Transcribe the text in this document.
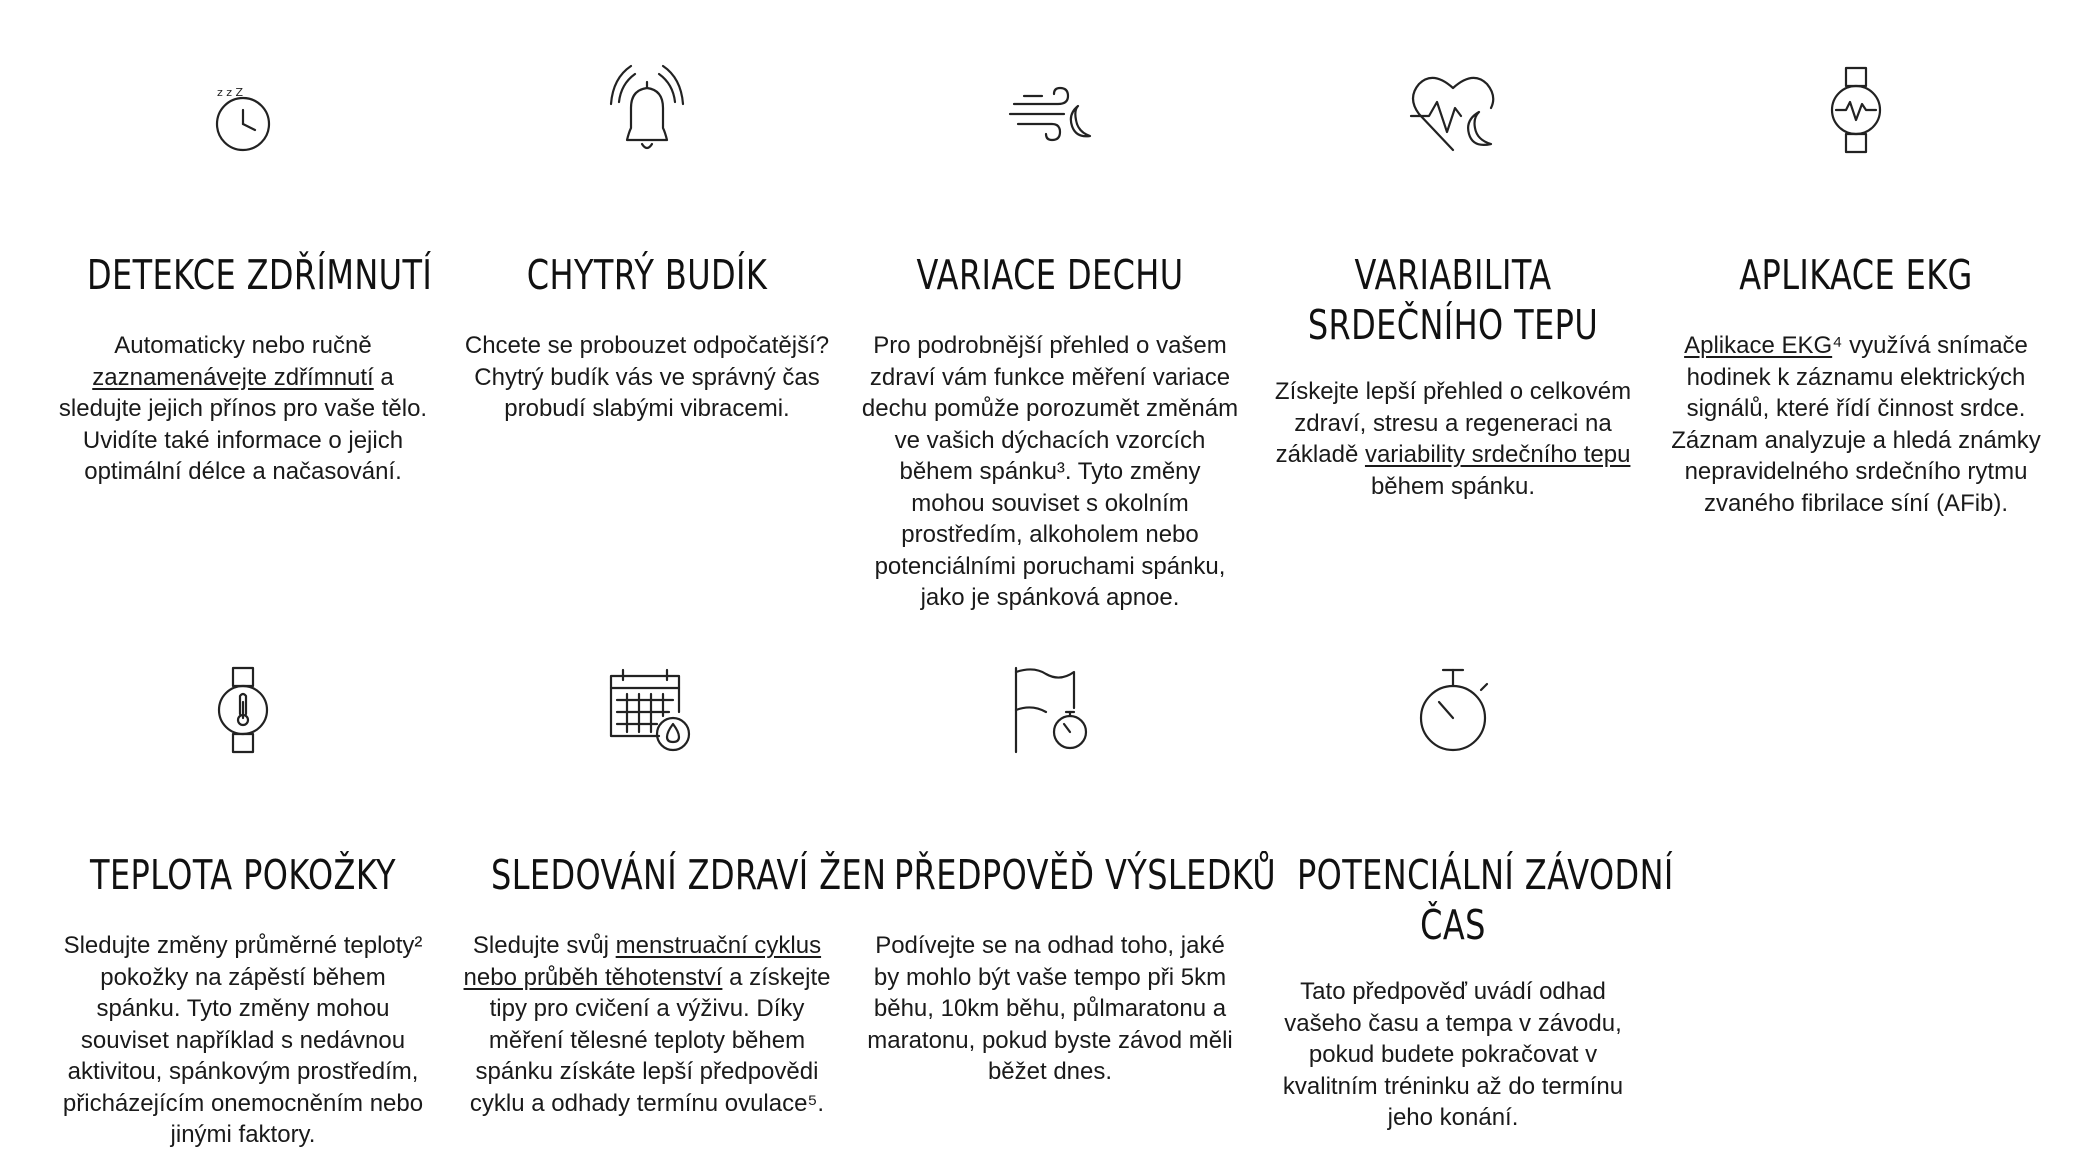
z z Z
DETEKCE ZDŘÍMNUTÍ

Automaticky nebo ručně zaznamenávejte zdřímnutí a sledujte jejich přínos pro vaše tělo. Uvidíte také informace o jejich optimální délce a načasování.

CHYTRÝ BUDÍK

Chcete se probouzet odpočatější? Chytrý budík vás ve správný čas probudí slabými vibracemi.

VARIACE DECHU

Pro podrobnější přehled o vašem zdraví vám funkce měření variace dechu pomůže porozumět změnám ve vašich dýchacích vzorcích během spánku³. Tyto změny mohou souviset s okolním prostředím, alkoholem nebo potenciálními poruchami spánku, jako je spánková apnoe.

VARIABILITA
SRDEČNÍHO TEPU

Získejte lepší přehled o celkovém zdraví, stresu a regeneraci na základě variability srdečního tepu během spánku.

APLIKACE EKG

Aplikace EKG⁴ využívá snímače hodinek k záznamu elektrických signálů, které řídí činnost srdce. Záznam analyzuje a hledá známky nepravidelného srdečního rytmu zvaného fibrilace síní (AFib).

TEPLOTA POKOŽKY

Sledujte změny průměrné teploty² pokožky na zápěstí během spánku. Tyto změny mohou souviset například s nedávnou aktivitou, spánkovým prostředím, přicházejícím onemocněním nebo jinými faktory.

SLEDOVÁNÍ ZDRAVÍ ŽEN

Sledujte svůj menstruační cyklus nebo průběh těhotenství a získejte tipy pro cvičení a výživu. Díky měření tělesné teploty během spánku získáte lepší předpovědi cyklu a odhady termínu ovulace⁵.

PŘEDPOVĚĎ VÝSLEDKŮ

Podívejte se na odhad toho, jaké by mohlo být vaše tempo při 5km běhu, 10km běhu, půlmaratonu a maratonu, pokud byste závod měli běžet dnes.

POTENCIÁLNÍ ZÁVODNÍ
ČAS

Tato předpověď uvádí odhad vašeho času a tempa v závodu, pokud budete pokračovat v kvalitním tréninku až do termínu jeho konání.
